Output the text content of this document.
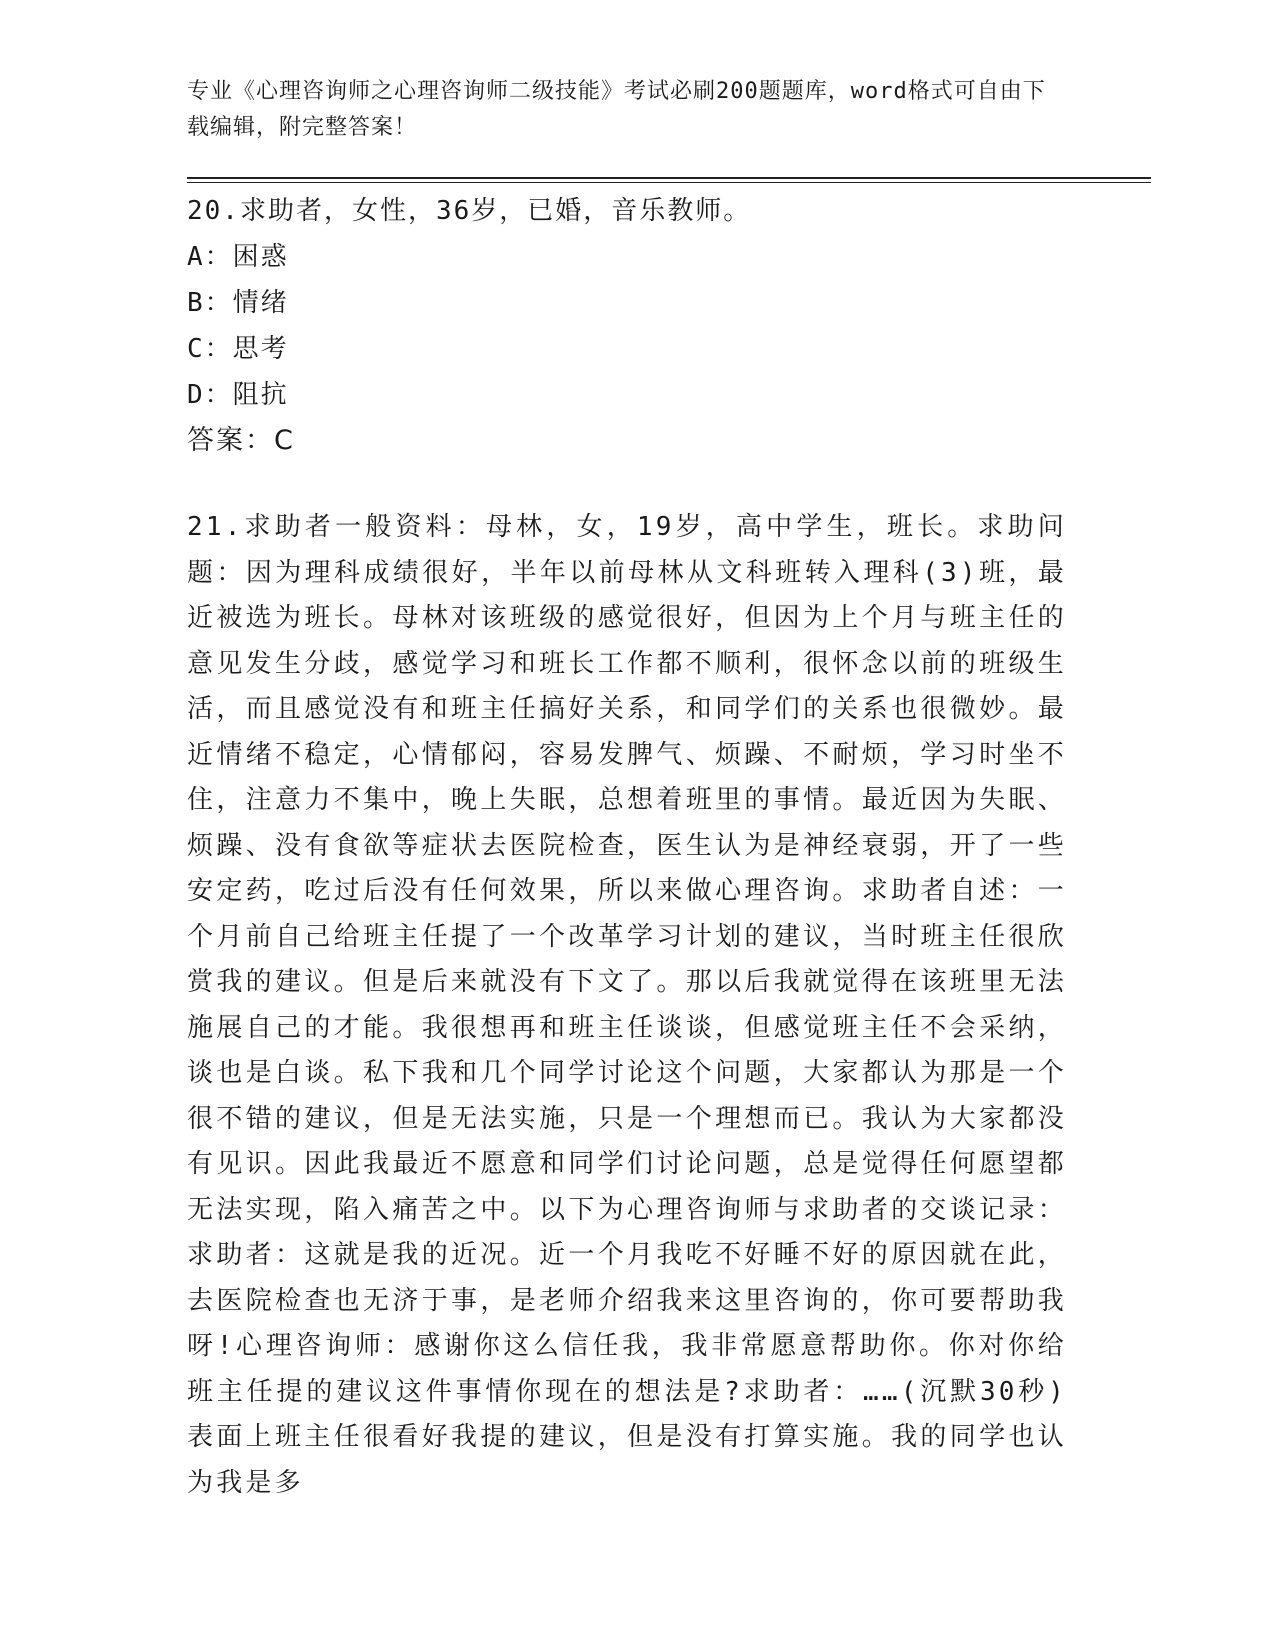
专业《心理咨询师之心理咨询师二级技能》考试必刷200题题库，word格式可自由下载编辑，附完整答案！
20.求助者，女性，36岁，已婚，音乐教师。
A：困惑
B：情绪
C：思考
D：阻抗
答案：C
21.求助者一般资料：母林，女，19岁，高中学生，班长。求助问题：因为理科成绩很好，半年以前母林从文科班转入理科(3)班，最近被选为班长。母林对该班级的感觉很好，但因为上个月与班主任的意见发生分歧，感觉学习和班长工作都不顺利，很怀念以前的班级生活，而且感觉没有和班主任搞好关系，和同学们的关系也很微妙。最近情绪不稳定，心情郁闷，容易发脾气、烦躁、不耐烦，学习时坐不住，注意力不集中，晚上失眠，总想着班里的事情。最近因为失眠、烦躁、没有食欲等症状去医院检查，医生认为是神经衰弱，开了一些安定药，吃过后没有任何效果，所以来做心理咨询。求助者自述：一个月前自己给班主任提了一个改革学习计划的建议，当时班主任很欣赏我的建议。但是后来就没有下文了。那以后我就觉得在该班里无法施展自己的才能。我很想再和班主任谈谈，但感觉班主任不会采纳，谈也是白谈。私下我和几个同学讨论这个问题，大家都认为那是一个很不错的建议，但是无法实施，只是一个理想而已。我认为大家都没有见识。因此我最近不愿意和同学们讨论问题，总是觉得任何愿望都无法实现，陷入痛苦之中。以下为心理咨询师与求助者的交谈记录：求助者：这就是我的近况。近一个月我吃不好睡不好的原因就在此，去医院检查也无济于事，是老师介绍我来这里咨询的，你可要帮助我呀!心理咨询师：感谢你这么信任我，我非常愿意帮助你。你对你给班主任提的建议这件事情你现在的想法是?求助者：……(沉默30秒)表面上班主任很看好我提的建议，但是没有打算实施。我的同学也认为我是多
